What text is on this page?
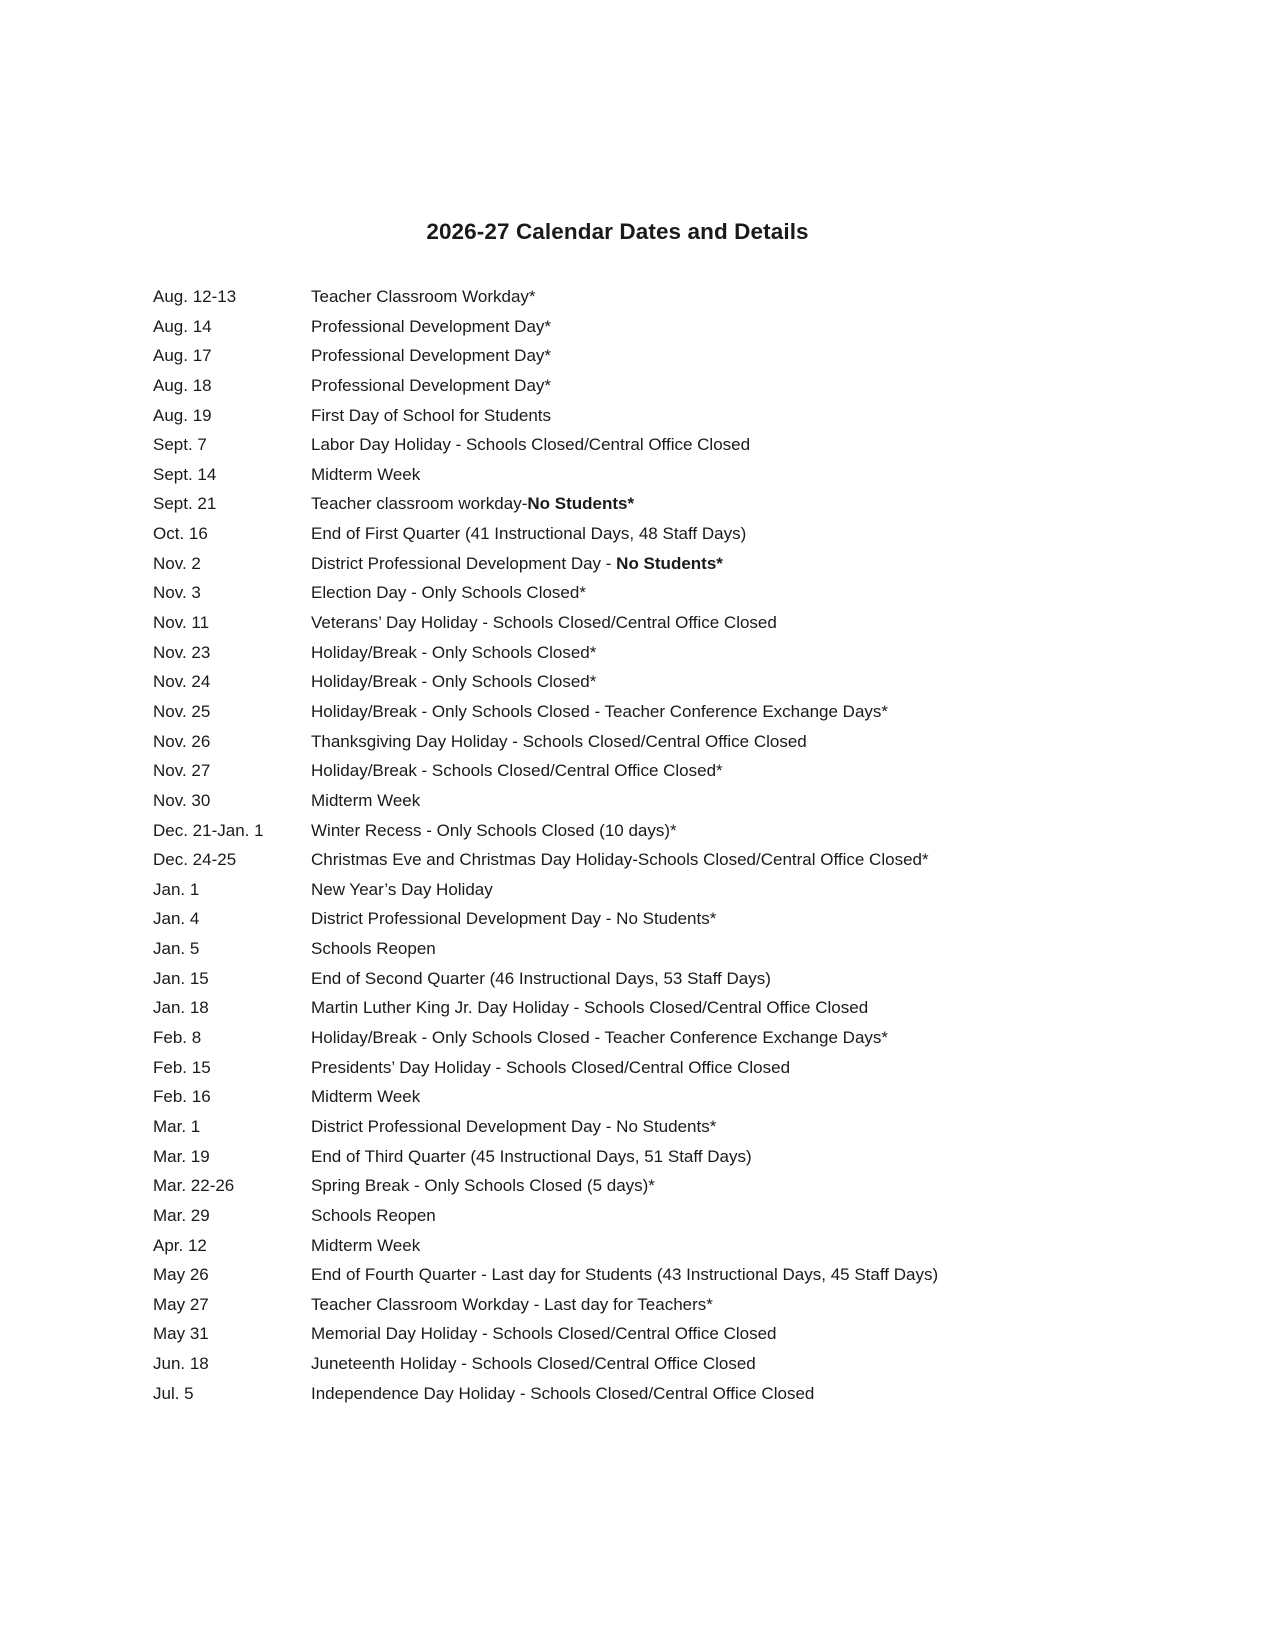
2026-27 Calendar Dates and Details
Aug. 12-13	Teacher Classroom Workday*
Aug. 14	Professional Development Day*
Aug. 17	Professional Development Day*
Aug. 18	Professional Development Day*
Aug. 19	First Day of School for Students
Sept. 7	Labor Day Holiday - Schools Closed/Central Office Closed
Sept. 14	Midterm Week
Sept. 21	Teacher classroom workday-No Students*
Oct. 16	End of First Quarter (41 Instructional Days, 48 Staff Days)
Nov. 2	District Professional Development Day - No Students*
Nov. 3	Election Day - Only Schools Closed*
Nov. 11	Veterans’ Day Holiday - Schools Closed/Central Office Closed
Nov. 23	Holiday/Break - Only Schools Closed*
Nov. 24	Holiday/Break - Only Schools Closed*
Nov. 25	Holiday/Break - Only Schools Closed - Teacher Conference Exchange Days*
Nov. 26	Thanksgiving Day Holiday - Schools Closed/Central Office Closed
Nov. 27	Holiday/Break - Schools Closed/Central Office Closed*
Nov. 30	Midterm Week
Dec. 21-Jan. 1	Winter Recess - Only Schools Closed (10 days)*
Dec. 24-25	Christmas Eve and Christmas Day Holiday-Schools Closed/Central Office Closed*
Jan. 1	New Year’s Day Holiday
Jan. 4	District Professional Development Day - No Students*
Jan. 5	Schools Reopen
Jan. 15	End of Second Quarter (46 Instructional Days, 53 Staff Days)
Jan. 18	Martin Luther King Jr. Day Holiday - Schools Closed/Central Office Closed
Feb. 8	Holiday/Break - Only Schools Closed - Teacher Conference Exchange Days*
Feb. 15	Presidents’ Day Holiday - Schools Closed/Central Office Closed
Feb. 16	Midterm Week
Mar. 1	District Professional Development Day - No Students*
Mar. 19	End of Third Quarter (45 Instructional Days, 51 Staff Days)
Mar. 22-26	Spring Break - Only Schools Closed (5 days)*
Mar. 29	Schools Reopen
Apr. 12	Midterm Week
May 26	End of Fourth Quarter - Last day for Students (43 Instructional Days, 45 Staff Days)
May 27	Teacher Classroom Workday - Last day for Teachers*
May 31	Memorial Day Holiday - Schools Closed/Central Office Closed
Jun. 18	Juneteenth Holiday - Schools Closed/Central Office Closed
Jul. 5	Independence Day Holiday - Schools Closed/Central Office Closed
